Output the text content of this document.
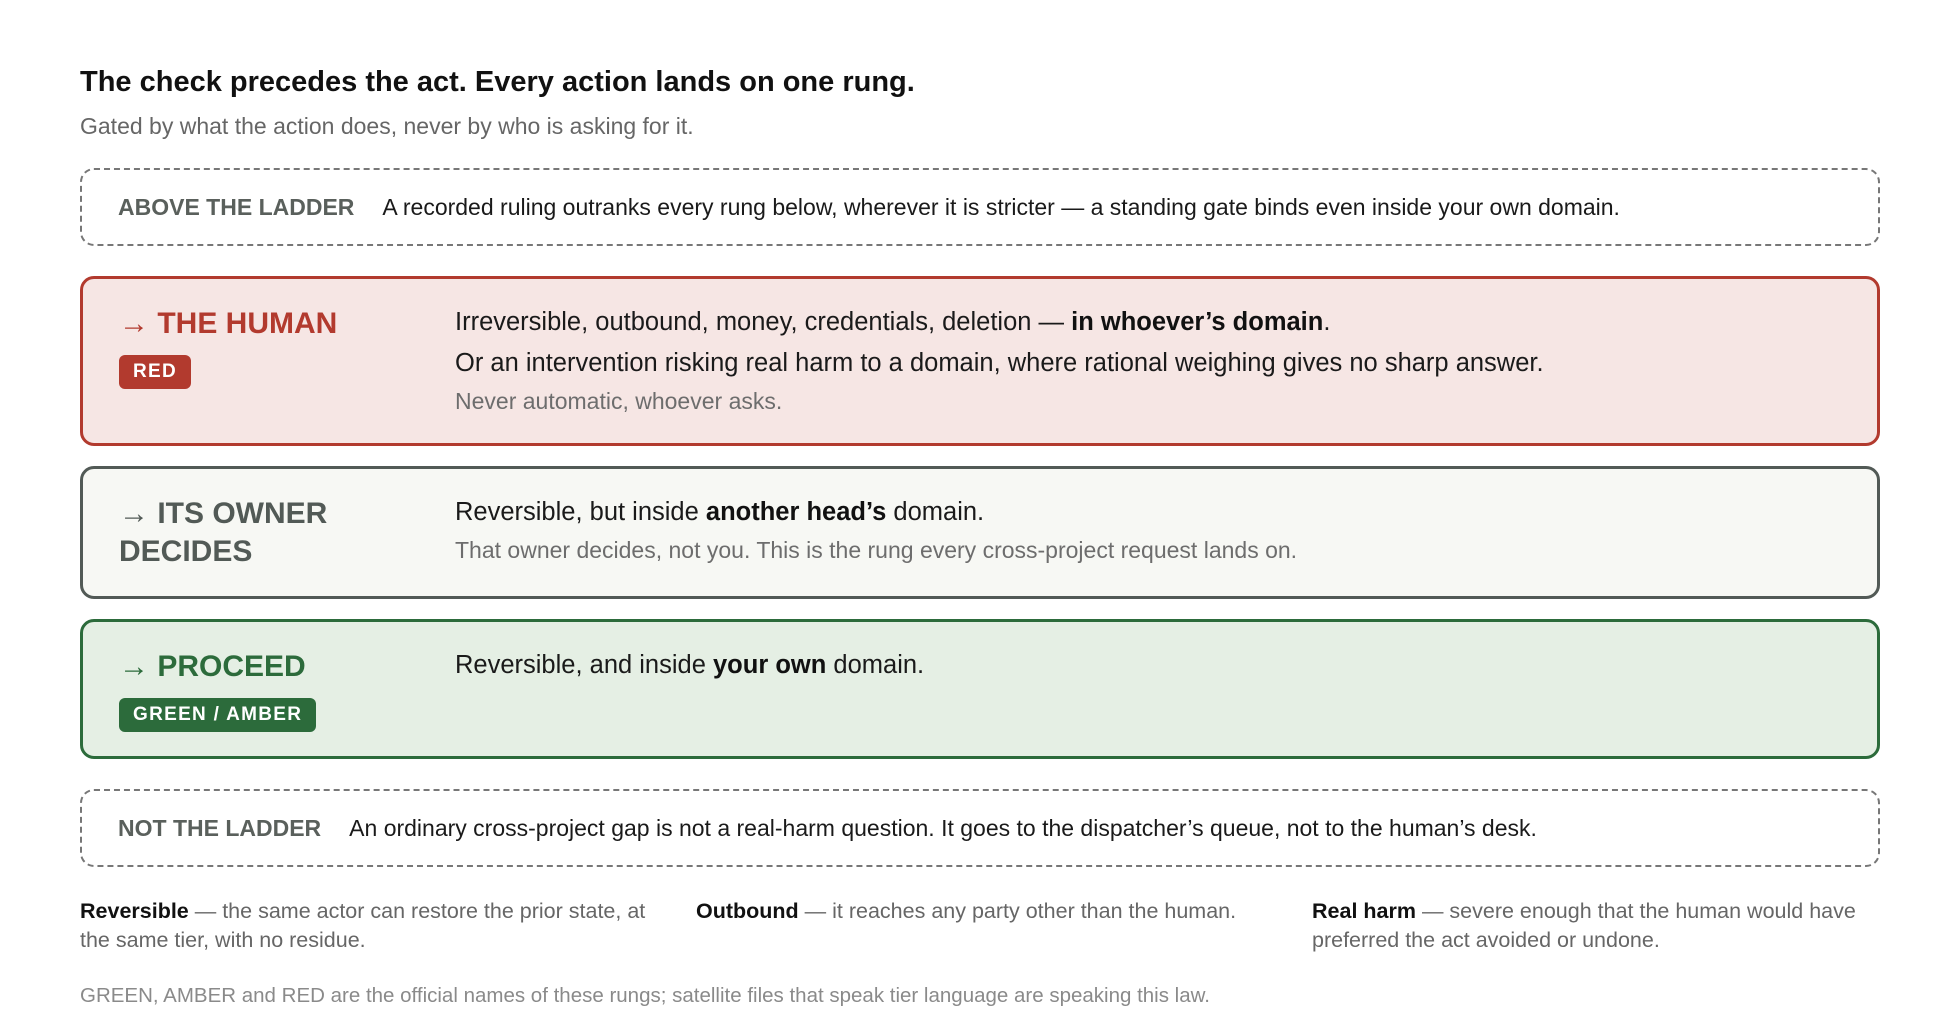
The check precedes the act. Every action lands on one rung.
Gated by what the action does, never by who is asking for it.
ABOVE THE LADDER A recorded ruling outranks every rung below, wherever it is stricter — a standing gate binds even inside your own domain.
→ THE HUMAN
RED
Irreversible, outbound, money, credentials, deletion — in whoever’s domain.
Or an intervention risking real harm to a domain, where rational weighing gives no sharp answer.
Never automatic, whoever asks.
→ ITS OWNER
DECIDES
Reversible, but inside another head’s domain.
That owner decides, not you. This is the rung every cross-project request lands on.
→ PROCEED
GREEN / AMBER
Reversible, and inside your own domain.
NOT THE LADDER An ordinary cross-project gap is not a real-harm question. It goes to the dispatcher’s queue, not to the human’s desk.
Reversible — the same actor can restore the prior state, at the same tier, with no residue.
Outbound — it reaches any party other than the human.	Real harm — severe enough that the human would have preferred the act avoided or undone.
GREEN, AMBER and RED are the official names of these rungs; satellite files that speak tier language are speaking this law.
